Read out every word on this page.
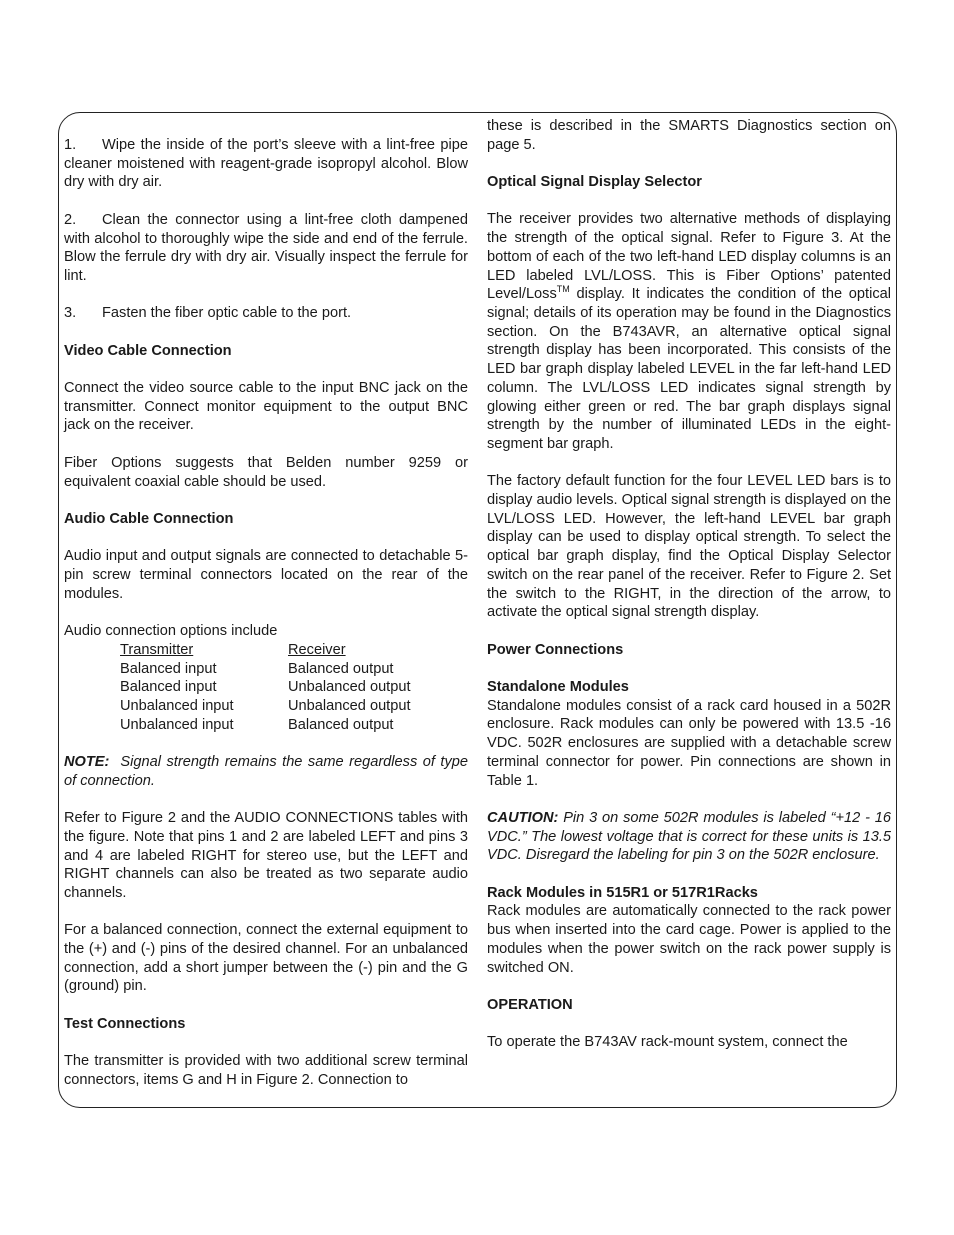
1. Wipe the inside of the port’s sleeve with a lint-free pipe cleaner moistened with reagent-grade isopropyl alcohol. Blow dry with dry air.

2. Clean the connector using a lint-free cloth dampened with alcohol to thoroughly wipe the side and end of the ferrule. Blow the ferrule dry with dry air. Visually inspect the ferrule for lint.

3. Fasten the fiber optic cable to the port.

Video Cable Connection

Connect the video source cable to the input BNC jack on the transmitter. Connect monitor equipment to the output BNC jack on the receiver.

Fiber Options suggests that Belden number 9259 or equivalent coaxial cable should be used.

Audio Cable Connection

Audio input and output signals are connected to detachable 5-pin screw terminal connectors located on the rear of the modules.

Audio connection options include

Transmitter	Receiver
Balanced input	Balanced output
Balanced input	Unbalanced output
Unbalanced input	Unbalanced output
Unbalanced input	Balanced output

NOTE: Signal strength remains the same regardless of type of connection.

Refer to Figure 2 and the AUDIO CONNECTIONS tables with the figure. Note that pins 1 and 2 are labeled LEFT and pins 3 and 4 are labeled RIGHT for stereo use, but the LEFT and RIGHT channels can also be treated as two separate audio channels.

For a balanced connection, connect the external equipment to the (+) and (-) pins of the desired channel. For an unbalanced connection, add a short jumper between the (-) pin and the G (ground) pin.

Test Connections

The transmitter is provided with two additional screw terminal connectors, items G and H in Figure 2. Connection to

these is described in the SMARTS Diagnostics section on page 5.

Optical Signal Display Selector

The receiver provides two alternative methods of displaying the strength of the optical signal. Refer to Figure 3. At the bottom of each of the two left-hand LED display columns is an LED labeled LVL/LOSS. This is Fiber Options’ patented Level/Loss™ display. It indicates the condition of the optical signal; details of its operation may be found in the Diagnostics section. On the B743AVR, an alternative optical signal strength display has been incorporated. This consists of the LED bar graph display labeled LEVEL in the far left-hand LED column. The LVL/LOSS LED indicates signal strength by glowing either green or red. The bar graph displays signal strength by the number of illuminated LEDs in the eight-segment bar graph.

The factory default function for the four LEVEL LED bars is to display audio levels. Optical signal strength is displayed on the LVL/LOSS LED. However, the left-hand LEVEL bar graph display can be used to display optical strength. To select the optical bar graph display, find the Optical Display Selector switch on the rear panel of the receiver. Refer to Figure 2. Set the switch to the RIGHT, in the direction of the arrow, to activate the optical signal strength display.

Power Connections
Standalone Modules

Standalone modules consist of a rack card housed in a 502R enclosure. Rack modules can only be powered with 13.5 -16 VDC. 502R enclosures are supplied with a detachable screw terminal connector for power. Pin connections are shown in Table 1.

CAUTION: Pin 3 on some 502R modules is labeled “+12 - 16 VDC.” The lowest voltage that is correct for these units is 13.5 VDC. Disregard the labeling for pin 3 on the 502R enclosure.

Rack Modules in 515R1 or 517R1Racks

Rack modules are automatically connected to the rack power bus when inserted into the card cage. Power is applied to the modules when the power switch on the rack power supply is switched ON.

OPERATION

To operate the B743AV rack-mount system, connect the
